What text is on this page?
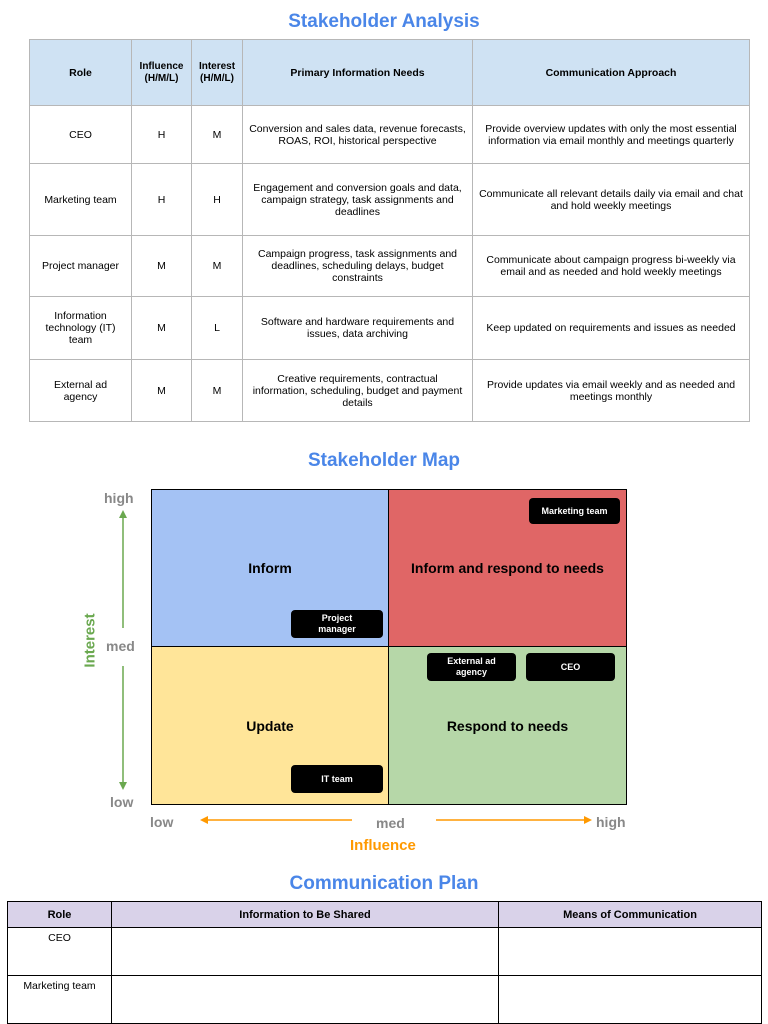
Stakeholder Analysis
Role	Influence (H/M/L)	Interest (H/M/L)	Primary Information Needs	Communication Approach
CEO	H	M	Conversion and sales data, revenue forecasts, ROAS, ROI, historical perspective	Provide overview updates with only the most essential information via email monthly and meetings quarterly
Marketing team	H	H	Engagement and conversion goals and data, campaign strategy, task assignments and deadlines	Communicate all relevant details daily via email and chat and hold weekly meetings
Project manager	M	M	Campaign progress, task assignments and deadlines, scheduling delays, budget constraints	Communicate about campaign progress bi-weekly via email and as needed and hold weekly meetings
Information technology (IT) team	M	L	Software and hardware requirements and issues, data archiving	Keep updated on requirements and issues as needed
External ad agency	M	M	Creative requirements, contractual information, scheduling, budget and payment details	Provide updates via email weekly and as needed and meetings monthly
Stakeholder Map
Inform	Inform and respond to needs
Update	Respond to needs
Marketing team
Project manager
External ad agency
CEO
IT team
high
med
low
Interest
low	med	high
Influence
Communication Plan
Role	Information to Be Shared	Means of Communication
CEO		
Marketing team		
